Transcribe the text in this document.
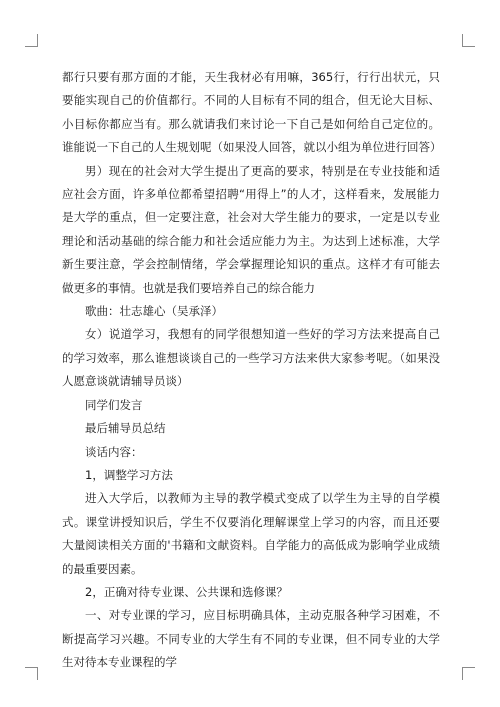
都行只要有那方面的才能，天生我材必有用嘛，365行，行行出状元，只要能实现自己的价值都行。不同的人目标有不同的组合，但无论大目标、小目标你都应当有。那么就请我们来讨论一下自己是如何给自己定位的。谁能说一下自己的人生规划呢（如果没人回答，就以小组为单位进行回答）

男）现在的社会对大学生提出了更高的要求，特别是在专业技能和适应社会方面，许多单位都希望招聘“用得上”的人才，这样看来，发展能力是大学的重点，但一定要注意，社会对大学生能力的要求，一定是以专业理论和活动基础的综合能力和社会适应能力为主。为达到上述标准，大学新生要注意，学会控制情绪，学会掌握理论知识的重点。这样才有可能去做更多的事情。也就是我们要培养自己的综合能力

歌曲：壮志雄心（吴承泽）

女）说道学习，我想有的同学很想知道一些好的学习方法来提高自己的学习效率，那么谁想谈谈自己的一些学习方法来供大家参考呢。（如果没人愿意谈就请辅导员谈）

同学们发言

最后辅导员总结

谈话内容：

1，调整学习方法

进入大学后，以教师为主导的教学模式变成了以学生为主导的自学模式。课堂讲授知识后，学生不仅要消化理解课堂上学习的内容，而且还要大量阅读相关方面的'书籍和文献资料。自学能力的高低成为影响学业成绩的最重要因素。

2，正确对待专业课、公共课和选修课？

一、对专业课的学习，应目标明确具体，主动克服各种学习困难，不断提高学习兴趣。不同专业的大学生有不同的专业课，但不同专业的大学生对待本专业课程的学
